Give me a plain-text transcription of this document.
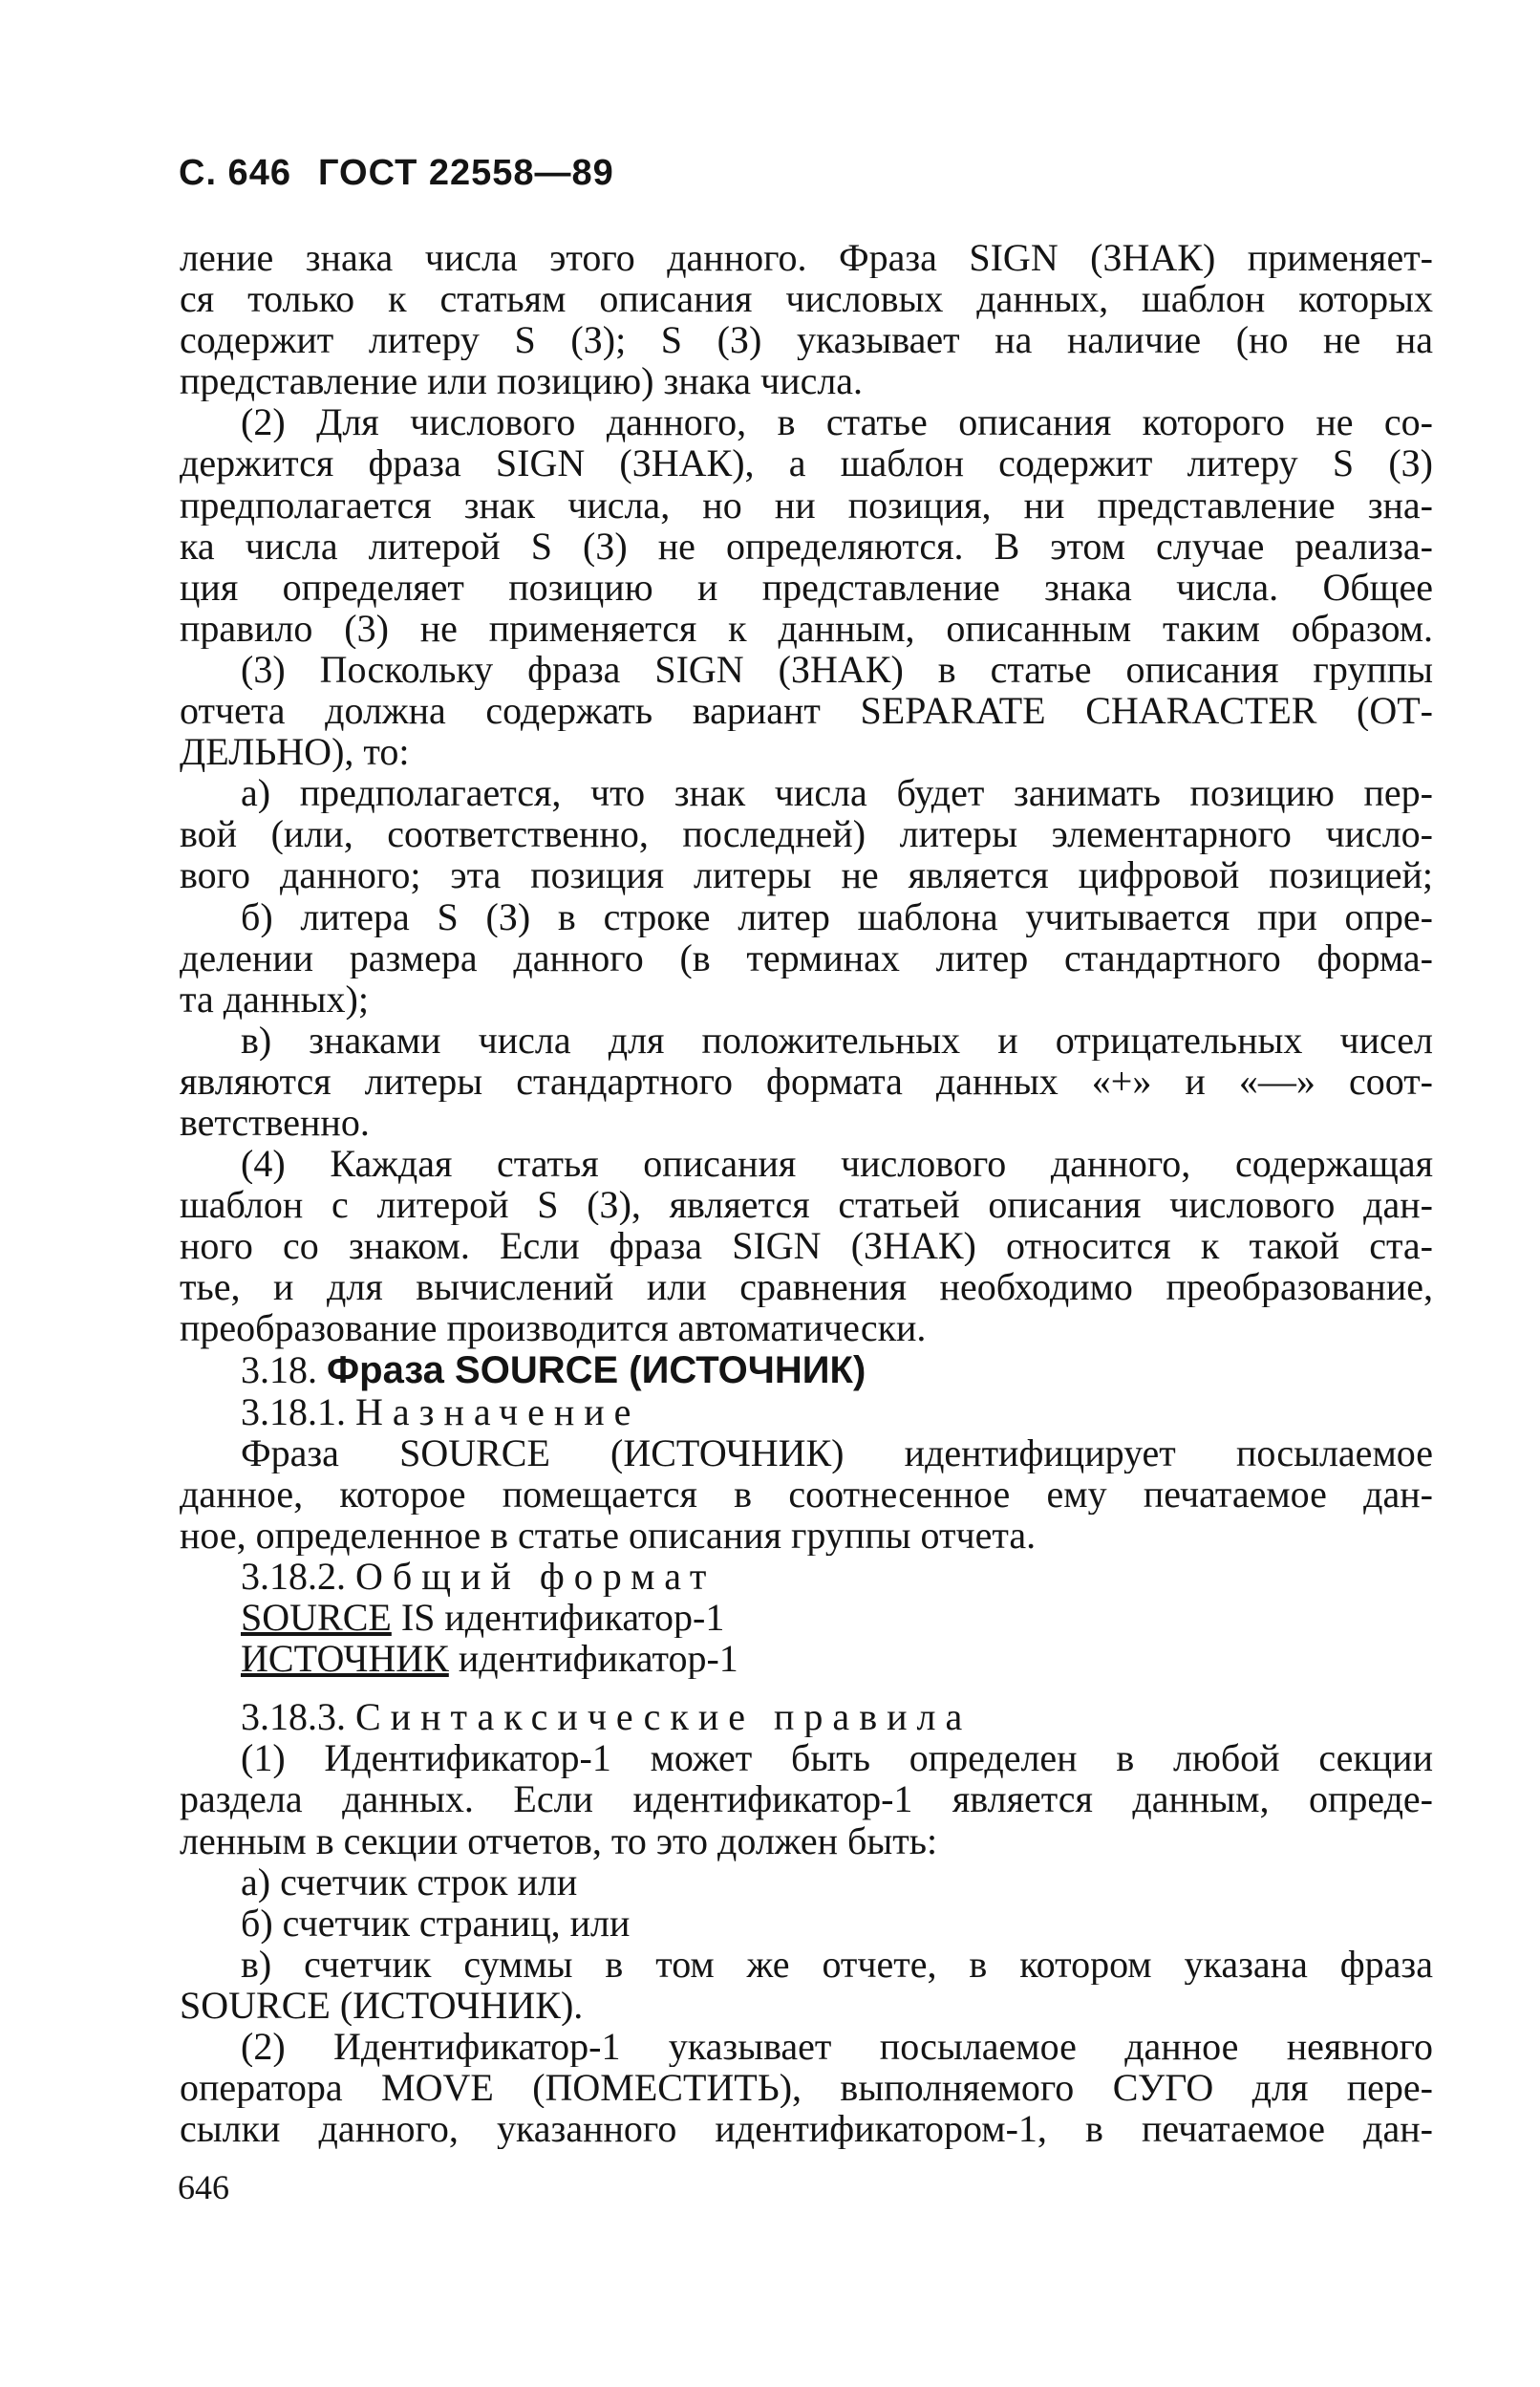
С. 646 ГОСТ 22558—89

ление знака числа этого данного. Фраза SIGN (ЗНАК) применяет-
ся только к статьям описания числовых данных, шаблон которых
содержит литеру S (З); S (З) указывает на наличие (но не на
представление или позицию) знака числа.

(2) Для числового данного, в статье описания которого не со-
держится фраза SIGN (ЗНАК), а шаблон содержит литеру S (З)
предполагается знак числа, но ни позиция, ни представление зна-
ка числа литерой S (З) не определяются. В этом случае реализа-
ция определяет позицию и представление знака числа. Общее
правило (3) не применяется к данным, описанным таким образом.

(3) Поскольку фраза SIGN (ЗНАК) в статье описания группы
отчета должна содержать вариант SEPARATE CHARACTER (ОТ-
ДЕЛЬНО), то:

а) предполагается, что знак числа будет занимать позицию пер-
вой (или, соответственно, последней) литеры элементарного число-
вого данного; эта позиция литеры не является цифровой позицией;

б) литера S (З) в строке литер шаблона учитывается при опре-
делении размера данного (в терминах литер стандартного форма-
та данных);

в) знаками числа для положительных и отрицательных чисел
являются литеры стандартного формата данных «+» и «—» соот-
ветственно.

(4) Каждая статья описания числового данного, содержащая
шаблон с литерой S (З), является статьей описания числового дан-
ного со знаком. Если фраза SIGN (ЗНАК) относится к такой ста-
тье, и для вычислений или сравнения необходимо преобразование,
преобразование производится автоматически.

3.18. Фраза SOURCE (ИСТОЧНИК)

3.18.1. Назначение

Фраза SOURCE (ИСТОЧНИК) идентифицирует посылаемое
данное, которое помещается в соотнесенное ему печатаемое дан-
ное, определенное в статье описания группы отчета.

3.18.2. Общий формат

SOURCE IS идентификатор-1

ИСТОЧНИК идентификатор-1

3.18.3. Синтаксические правила

(1) Идентификатор-1 может быть определен в любой секции
раздела данных. Если идентификатор-1 является данным, опреде-
ленным в секции отчетов, то это должен быть:

а) счетчик строк или

б) счетчик страниц, или

в) счетчик суммы в том же отчете, в котором указана фраза
SOURCE (ИСТОЧНИК).

(2) Идентификатор-1 указывает посылаемое данное неявного
оператора MOVE (ПОМЕСТИТЬ), выполняемого СУГО для пере-
сылки данного, указанного идентификатором-1, в печатаемое дан-

646
